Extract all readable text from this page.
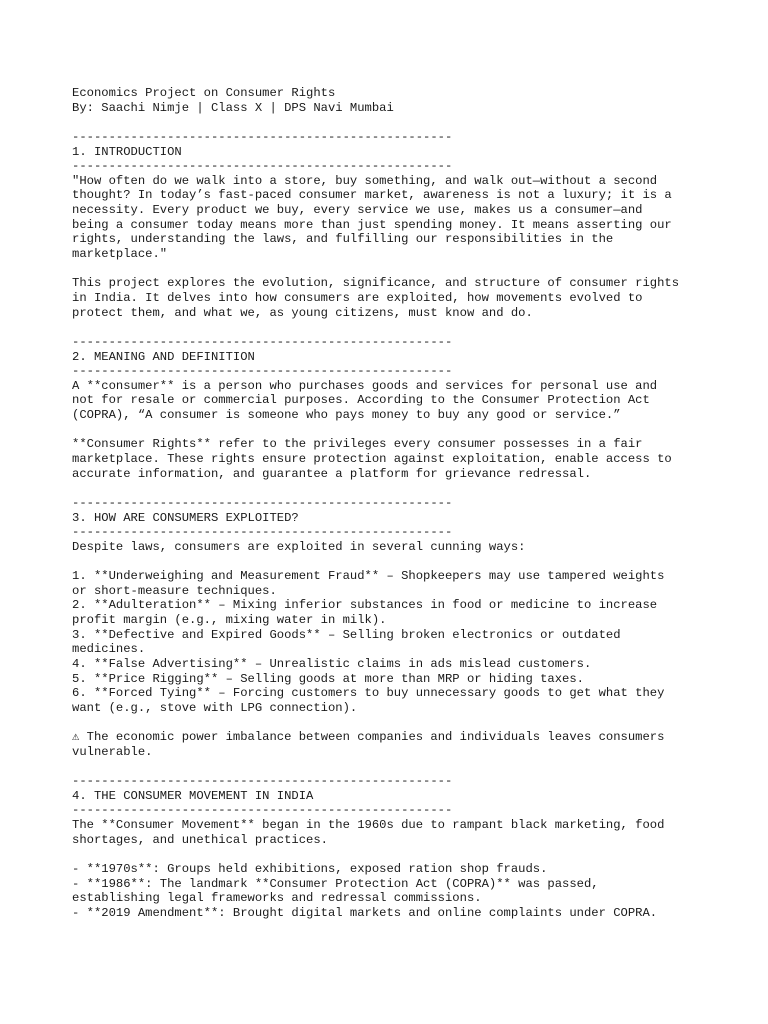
Economics Project on Consumer Rights
By: Saachi Nimje | Class X | DPS Navi Mumbai
----------------------------------------------------
1. INTRODUCTION
----------------------------------------------------
"How often do we walk into a store, buy something, and walk out—without a second
thought? In today’s fast-paced consumer market, awareness is not a luxury; it is a
necessity. Every product we buy, every service we use, makes us a consumer—and
being a consumer today means more than just spending money. It means asserting our
rights, understanding the laws, and fulfilling our responsibilities in the
marketplace."
This project explores the evolution, significance, and structure of consumer rights
in India. It delves into how consumers are exploited, how movements evolved to
protect them, and what we, as young citizens, must know and do.
----------------------------------------------------
2. MEANING AND DEFINITION
----------------------------------------------------
A **consumer** is a person who purchases goods and services for personal use and
not for resale or commercial purposes. According to the Consumer Protection Act
(COPRA), “A consumer is someone who pays money to buy any good or service.”
**Consumer Rights** refer to the privileges every consumer possesses in a fair
marketplace. These rights ensure protection against exploitation, enable access to
accurate information, and guarantee a platform for grievance redressal.
----------------------------------------------------
3. HOW ARE CONSUMERS EXPLOITED?
----------------------------------------------------
Despite laws, consumers are exploited in several cunning ways:
1. **Underweighing and Measurement Fraud** – Shopkeepers may use tampered weights
or short-measure techniques.
2. **Adulteration** – Mixing inferior substances in food or medicine to increase
profit margin (e.g., mixing water in milk).
3. **Defective and Expired Goods** – Selling broken electronics or outdated
medicines.
4. **False Advertising** – Unrealistic claims in ads mislead customers.
5. **Price Rigging** – Selling goods at more than MRP or hiding taxes.
6. **Forced Tying** – Forcing customers to buy unnecessary goods to get what they
want (e.g., stove with LPG connection).
⚠ The economic power imbalance between companies and individuals leaves consumers
vulnerable.
----------------------------------------------------
4. THE CONSUMER MOVEMENT IN INDIA
----------------------------------------------------
The **Consumer Movement** began in the 1960s due to rampant black marketing, food
shortages, and unethical practices.
- **1970s**: Groups held exhibitions, exposed ration shop frauds.
- **1986**: The landmark **Consumer Protection Act (COPRA)** was passed,
establishing legal frameworks and redressal commissions.
- **2019 Amendment**: Brought digital markets and online complaints under COPRA.
